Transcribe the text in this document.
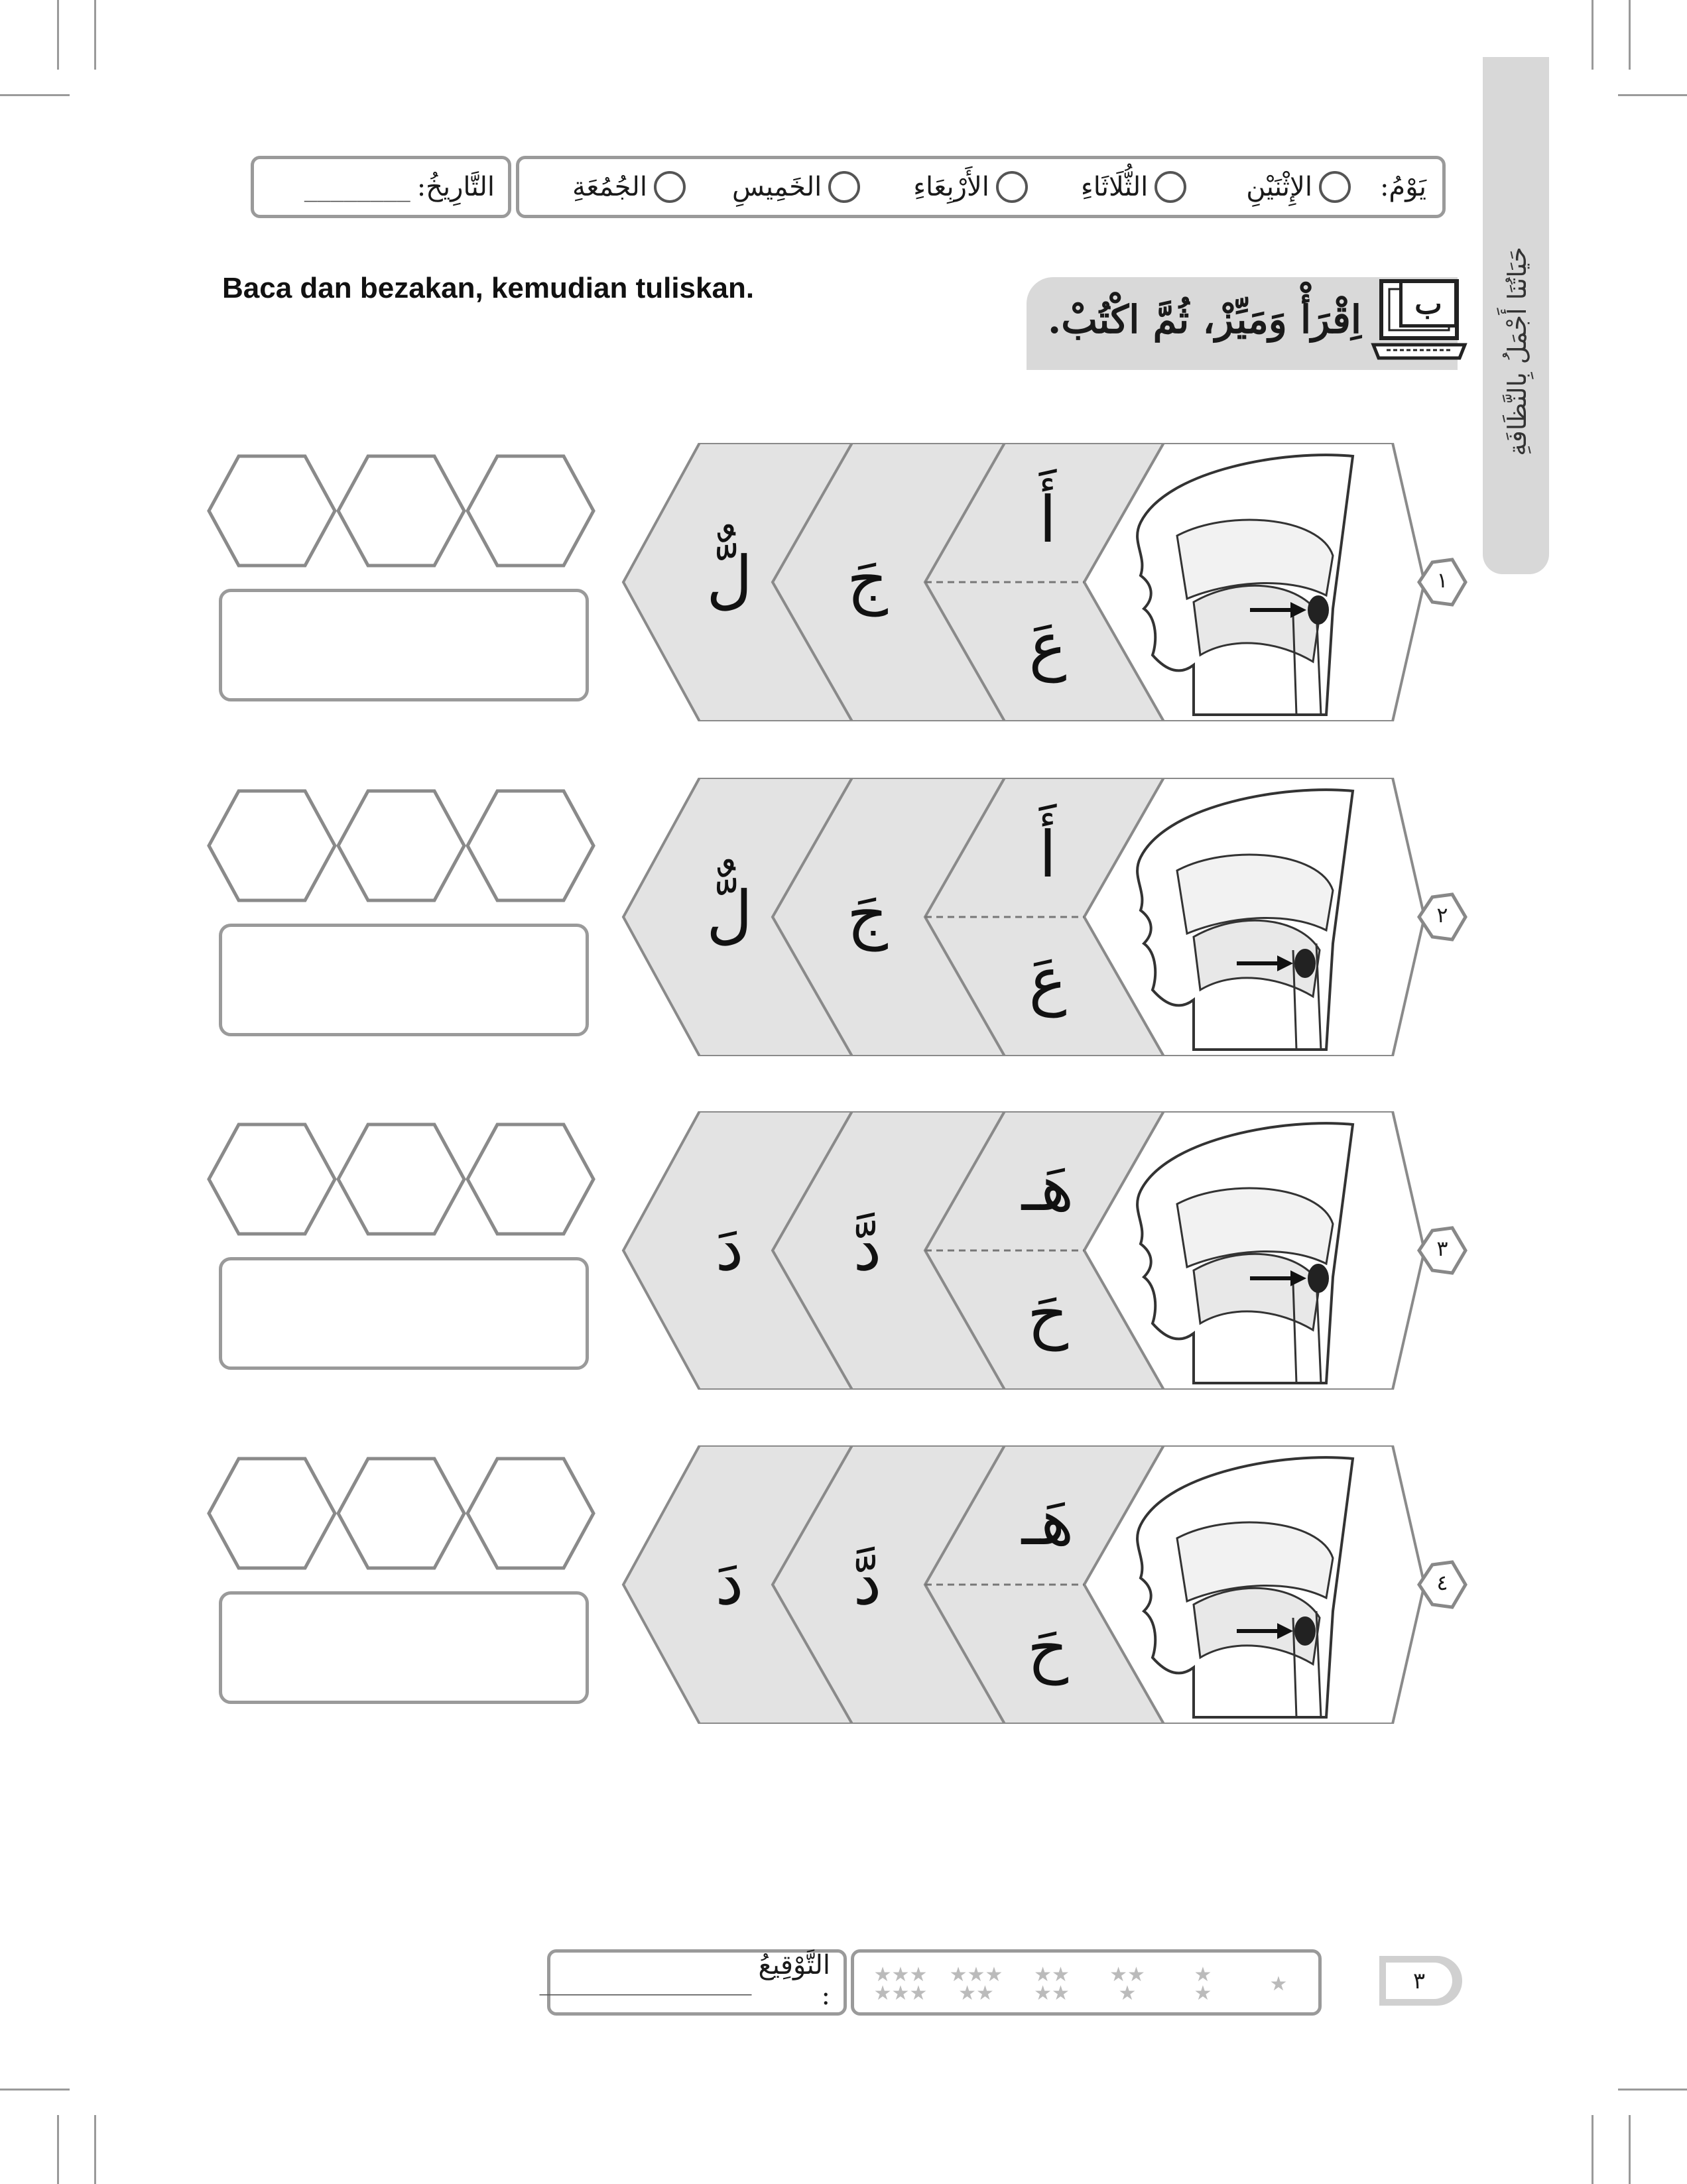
حَيَاتُنَا أَجْمَلُ بِالنَّظَافَةِ
يَوْمُ:
الإِثْنَيْنِ
الثُّلَاثَاءِ
الأَرْبِعَاءِ
الخَمِيسِ
الجُمُعَةِ
التَّارِيخُ:
________
Baca dan bezakan, kemudian tuliskan.
اِقْرَأْ وَمَيِّزْ، ثُمَّ اكْتُبْ.	ب
أَ
عَ
جَ
لٌّ	١
أَ
عَ
جَ
لٌّ	٢
هَـ
حَ
دَّ
دَ	٣
هَـ
حَ
دَّ
دَ	٤
التَّوْقِيعُ :
________________	★
★
★
★★
★
★★
★★
★★★
★★
★★★
★★★	٣
